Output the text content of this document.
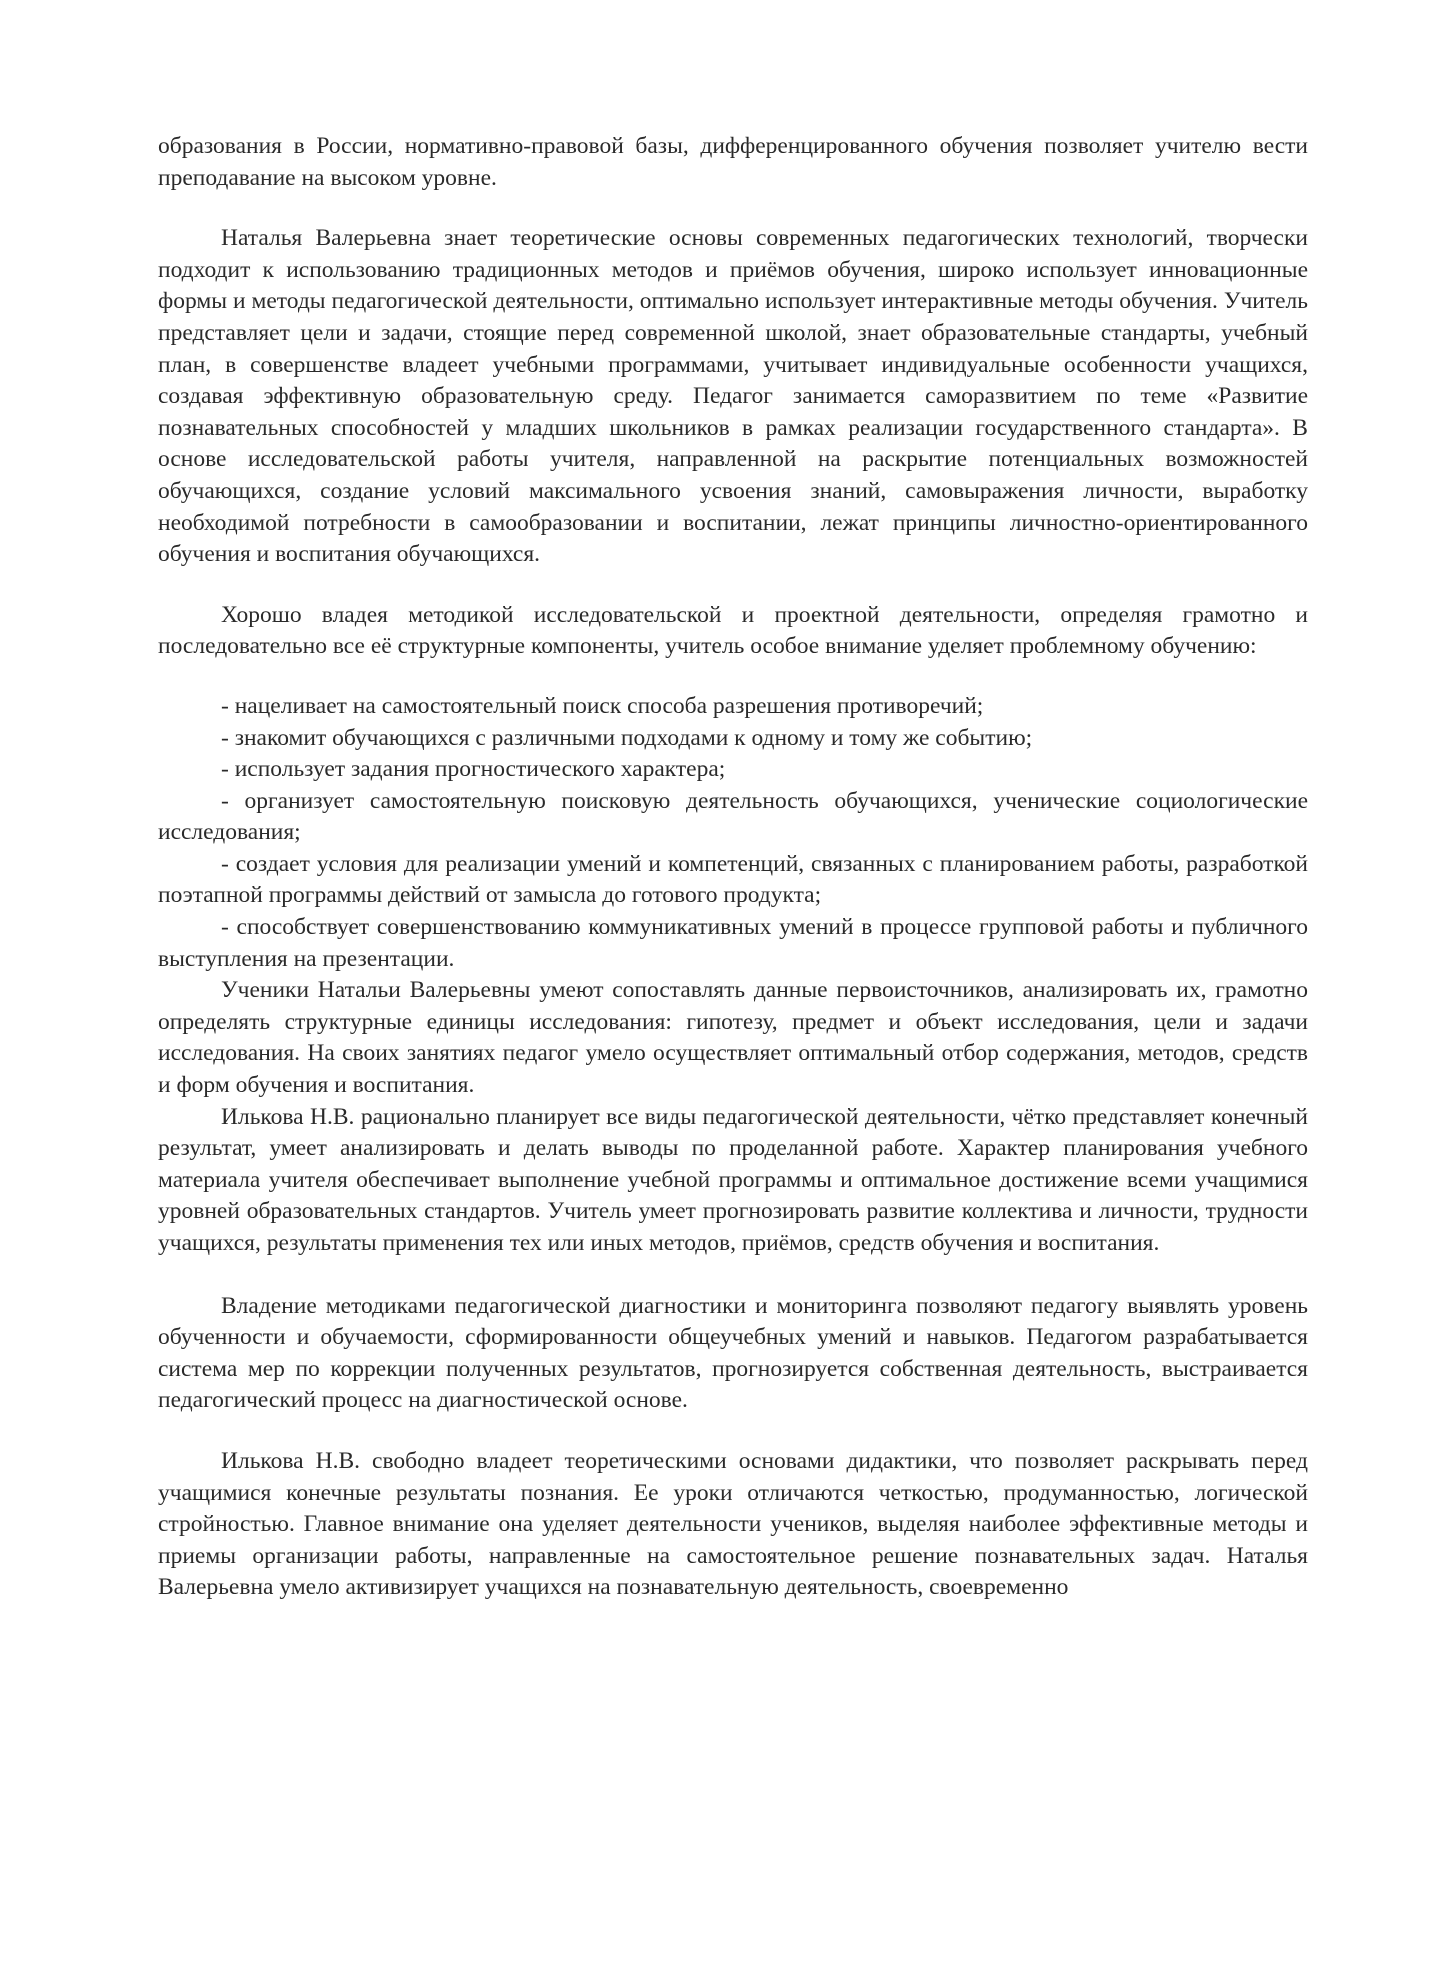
образования в России, нормативно-правовой базы, дифференцированного обучения позволяет учителю вести преподавание на высоком уровне.

Наталья Валерьевна знает теоретические основы современных педагогических технологий, творчески подходит к использованию традиционных методов и приёмов обучения, широко использует инновационные формы и методы педагогической деятельности, оптимально использует интерактивные методы обучения. Учитель представляет цели и задачи, стоящие перед современной школой, знает образовательные стандарты, учебный план, в совершенстве владеет учебными программами, учитывает индивидуальные особенности учащихся, создавая эффективную образовательную среду. Педагог занимается саморазвитием по теме «Развитие познавательных способностей у младших школьников в рамках реализации государственного стандарта». В основе исследовательской работы учителя, направленной на раскрытие потенциальных возможностей обучающихся, создание условий максимального усвоения знаний, самовыражения личности, выработку необходимой потребности в самообразовании и воспитании, лежат принципы личностно-ориентированного обучения и воспитания обучающихся.

Хорошо владея методикой исследовательской и проектной деятельности, определяя грамотно и последовательно все её структурные компоненты, учитель особое внимание уделяет проблемному обучению:

- нацеливает на самостоятельный поиск способа разрешения противоречий;
- знакомит обучающихся с различными подходами к одному и тому же событию;
- использует задания прогностического характера;
- организует самостоятельную поисковую деятельность обучающихся, ученические социологические исследования;
- создает условия для реализации умений и компетенций, связанных с планированием работы, разработкой поэтапной программы действий от замысла до готового продукта;
- способствует совершенствованию коммуникативных умений в процессе групповой работы и публичного выступления на презентации.

Ученики Натальи Валерьевны умеют сопоставлять данные первоисточников, анализировать их, грамотно определять структурные единицы исследования: гипотезу, предмет и объект исследования, цели и задачи исследования. На своих занятиях педагог умело осуществляет оптимальный отбор содержания, методов, средств и форм обучения и воспитания.

Илькова Н.В. рационально планирует все виды педагогической деятельности, чётко представляет конечный результат, умеет анализировать и делать выводы по проделанной работе. Характер планирования учебного материала учителя обеспечивает выполнение учебной программы и оптимальное достижение всеми учащимися уровней образовательных стандартов. Учитель умеет прогнозировать развитие коллектива и личности, трудности учащихся, результаты применения тех или иных методов, приёмов, средств обучения и воспитания.

Владение методиками педагогической диагностики и мониторинга позволяют педагогу выявлять уровень обученности и обучаемости, сформированности общеучебных умений и навыков. Педагогом разрабатывается система мер по коррекции полученных результатов, прогнозируется собственная деятельность, выстраивается педагогический процесс на диагностической основе.

Илькова Н.В. свободно владеет теоретическими основами дидактики, что позволяет раскрывать перед учащимися конечные результаты познания. Ее уроки отличаются четкостью, продуманностью, логической стройностью. Главное внимание она уделяет деятельности учеников, выделяя наиболее эффективные методы и приемы организации работы, направленные на самостоятельное решение познавательных задач. Наталья Валерьевна умело активизирует учащихся на познавательную деятельность, своевременно
